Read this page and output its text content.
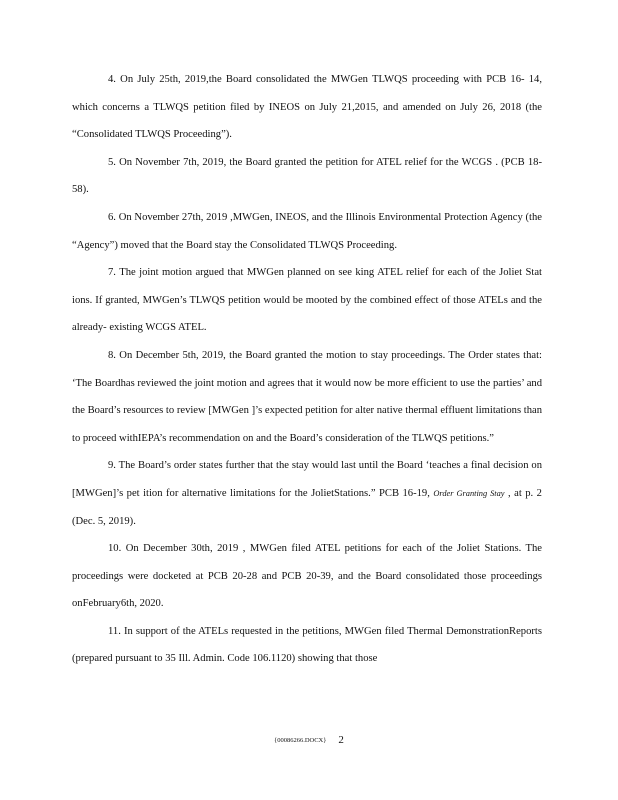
4. On July 25th, 2019,the Board consolidated the MWGen TLWQS proceeding with PCB 16- 14, which concerns a TLWQS petition filed by INEOS on July 21,2015, and amended on July 26, 2018 (the “Consolidated TLWQS Proceeding”).

5. On November 7th, 2019, the Board granted the petition for ATEL relief for the WCGS . (PCB 18-58).

6. On November 27th, 2019 ,MWGen, INEOS, and the Illinois Environmental Protection Agency (the “Agency”) moved that the Board stay the Consolidated TLWQS Proceeding.

7. The joint motion argued that MWGen planned on see king ATEL relief for each of the Joliet Stat ions. If granted, MWGen’s TLWQS petition would be mooted by the combined effect of those ATELs and the already- existing WCGS ATEL.

8. On December 5th, 2019, the Board granted the motion to stay proceedings. The Order states that: ‘The Boardhas reviewed the joint motion and agrees that it would now be more efficient to use the parties’ and the Board’s resources to review [MWGen ]’s expected petition for alter native thermal effluent limitations than to proceed withIEPA’s recommendation on and the Board’s consideration of the TLWQS petitions.”

9. The Board’s order states further that the stay would last until the Board ‘teaches a final decision on [MWGen]’s pet ition for alternative limitations for the JolietStations.” PCB 16-19, Order Granting Stay , at p. 2 (Dec. 5, 2019).

10. On December 30th, 2019 , MWGen filed ATEL petitions for each of the Joliet Stations. The proceedings were docketed at PCB 20-28 and PCB 20-39, and the Board consolidated those proceedings onFebruary6th, 2020.

11. In support of the ATELs requested in the petitions, MWGen filed Thermal DemonstrationReports (prepared pursuant to 35 Ill. Admin. Code 106.1120) showing that those

{00086266.DOCX} 2
